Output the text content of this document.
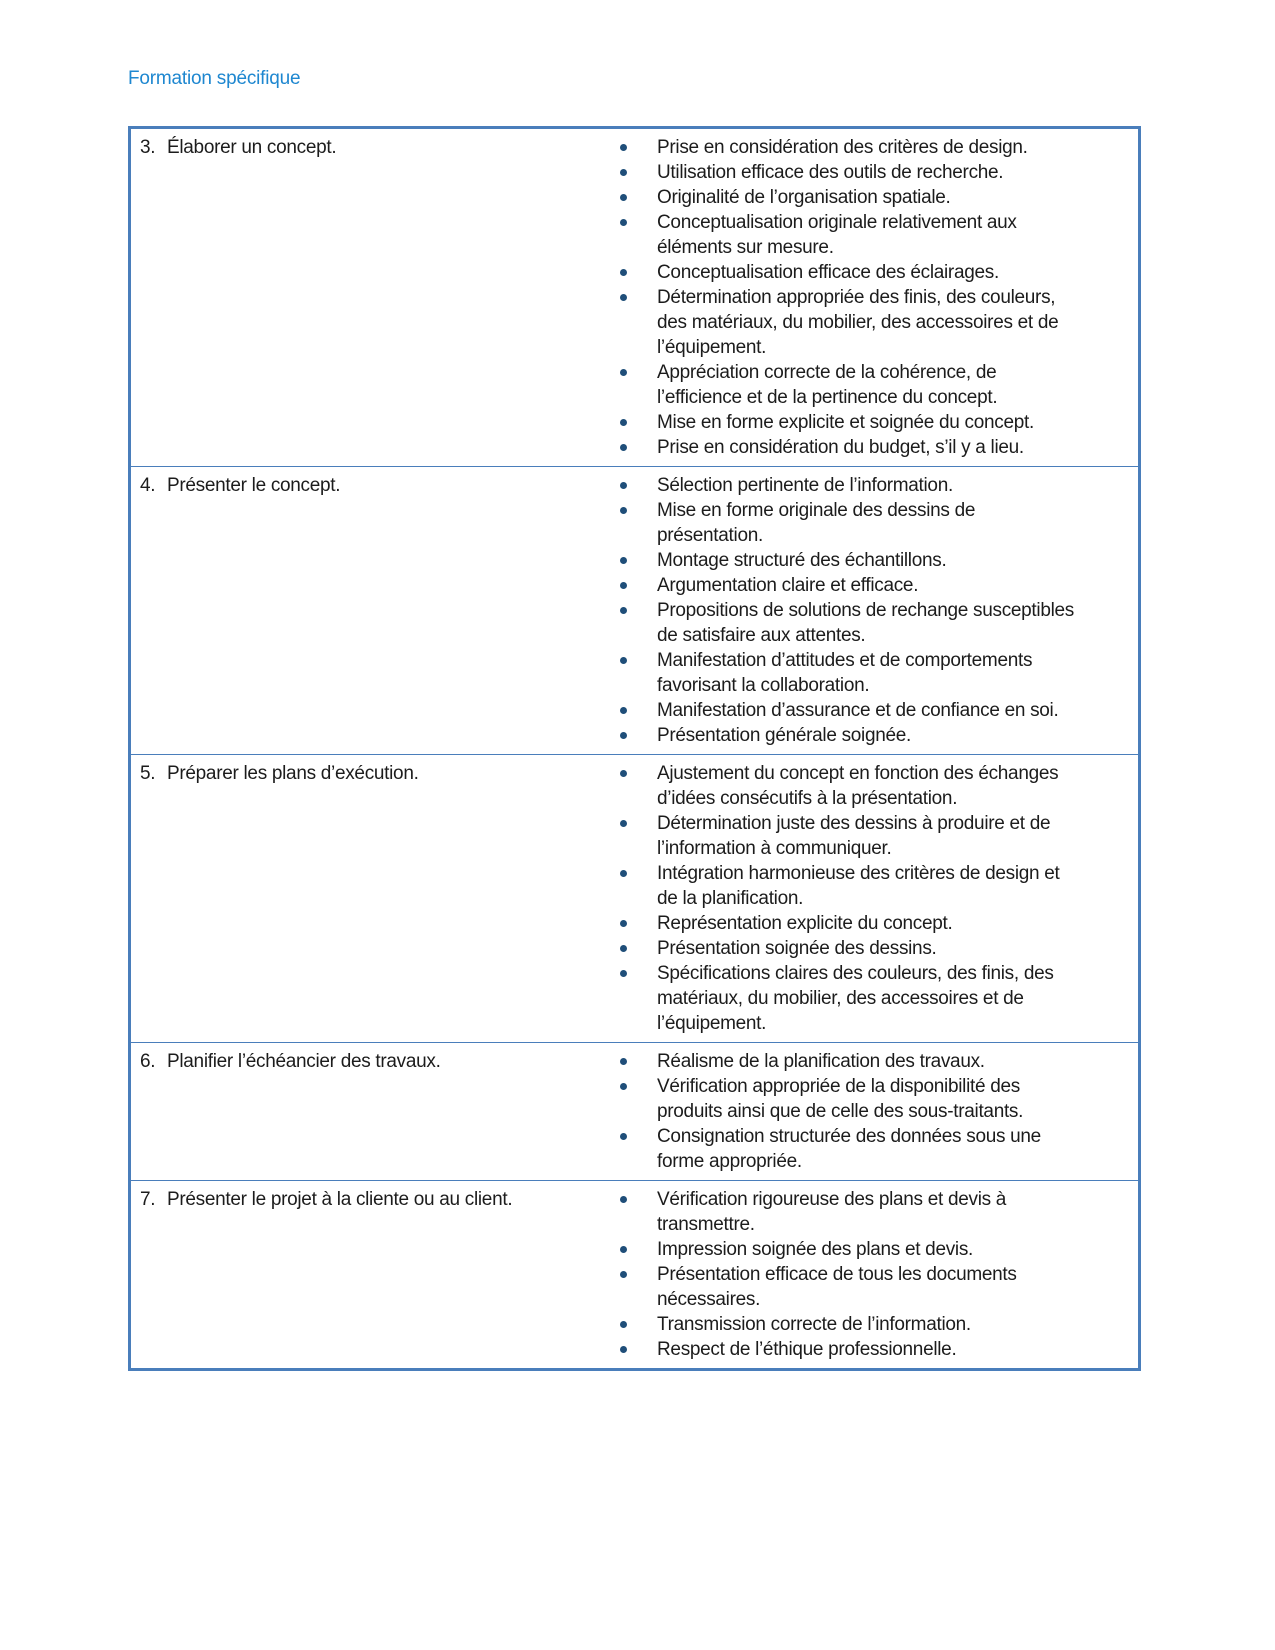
Formation spécifique
3. Élaborer un concept.	Prise en considération des critères de design.
Utilisation efficace des outils de recherche.
Originalité de l’organisation spatiale.
Conceptualisation originale relativement aux éléments sur mesure.
Conceptualisation efficace des éclairages.
Détermination appropriée des finis, des couleurs, des matériaux, du mobilier, des accessoires et de l’équipement.
Appréciation correcte de la cohérence, de l’efficience et de la pertinence du concept.
Mise en forme explicite et soignée du concept.
Prise en considération du budget, s’il y a lieu.
4. Présenter le concept.	Sélection pertinente de l’information.
Mise en forme originale des dessins de présentation.
Montage structuré des échantillons.
Argumentation claire et efficace.
Propositions de solutions de rechange susceptibles de satisfaire aux attentes.
Manifestation d’attitudes et de comportements favorisant la collaboration.
Manifestation d’assurance et de confiance en soi.
Présentation générale soignée.
5. Préparer les plans d’exécution.	Ajustement du concept en fonction des échanges d’idées consécutifs à la présentation.
Détermination juste des dessins à produire et de l’information à communiquer.
Intégration harmonieuse des critères de design et de la planification.
Représentation explicite du concept.
Présentation soignée des dessins.
Spécifications claires des couleurs, des finis, des matériaux, du mobilier, des accessoires et de l’équipement.
6. Planifier l’échéancier des travaux.	Réalisme de la planification des travaux.
Vérification appropriée de la disponibilité des produits ainsi que de celle des sous-traitants.
Consignation structurée des données sous une forme appropriée.
7. Présenter le projet à la cliente ou au client.	Vérification rigoureuse des plans et devis à transmettre.
Impression soignée des plans et devis.
Présentation efficace de tous les documents nécessaires.
Transmission correcte de l’information.
Respect de l’éthique professionnelle.
